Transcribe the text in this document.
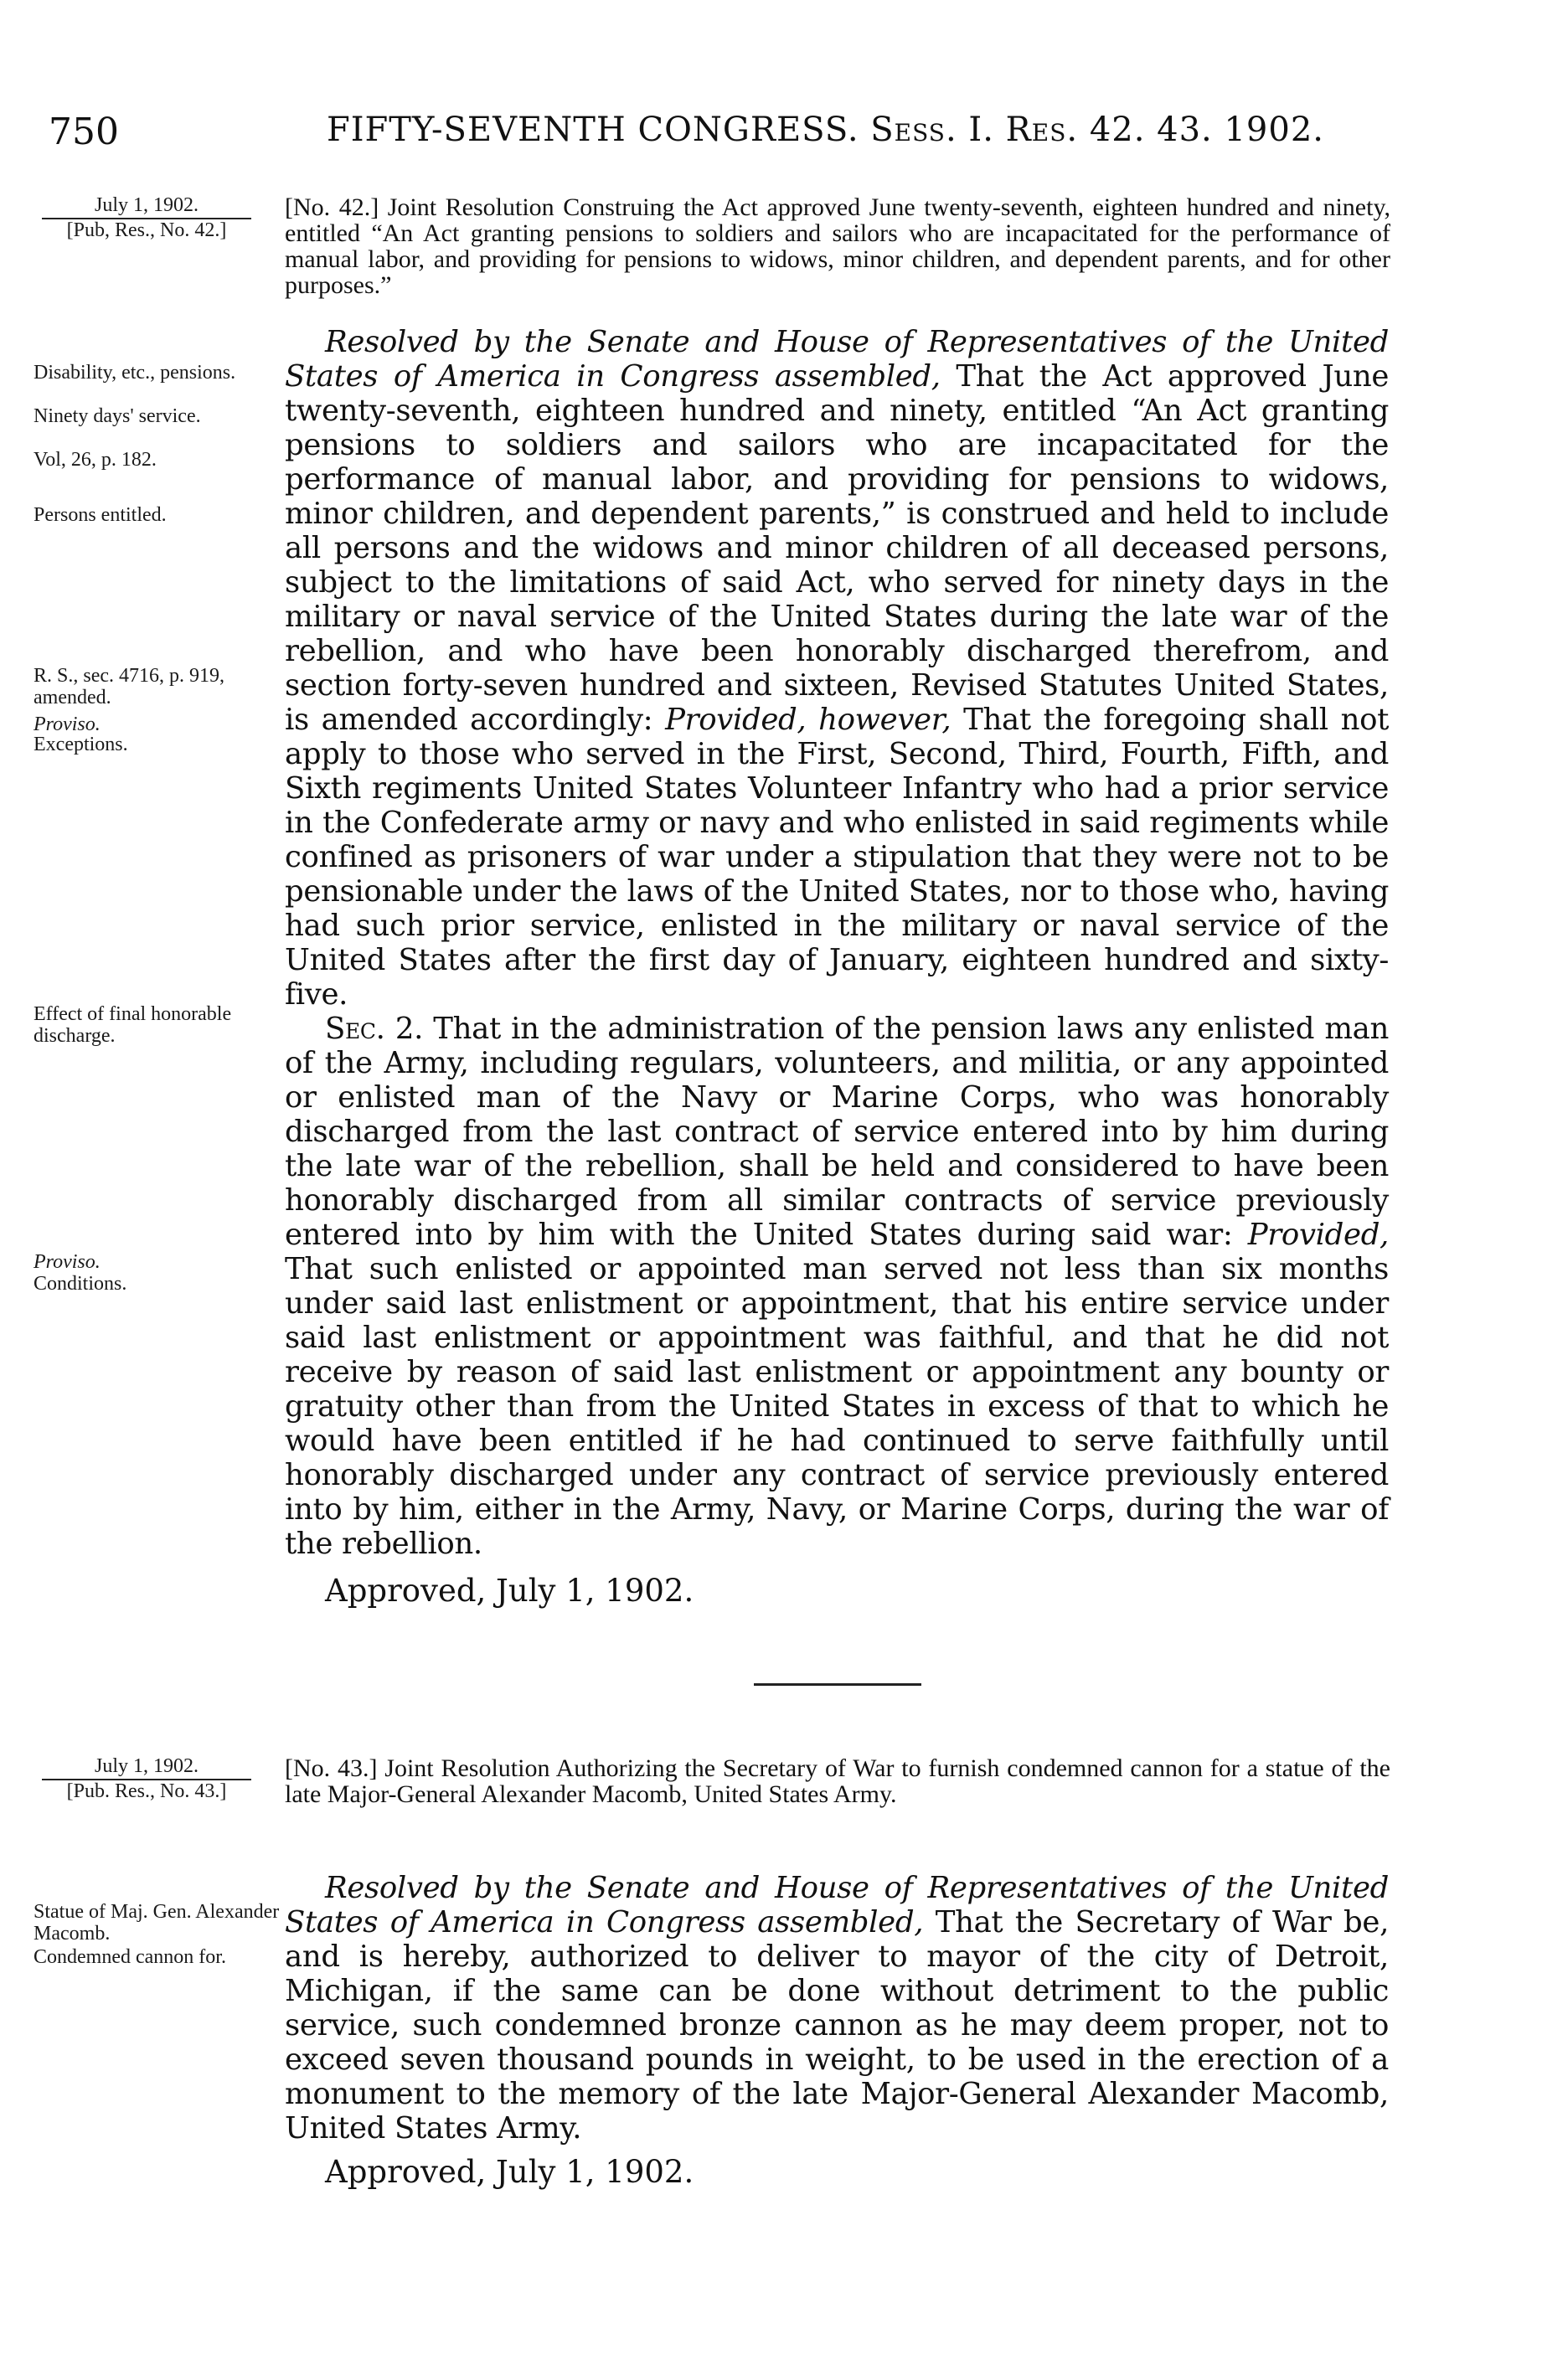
750	FIFTY-SEVENTH CONGRESS. Sess. I. Res. 42. 43. 1902.
July 1, 1902.
[Pub, Res., No. 42.]
[No. 42.] Joint Resolution Construing the Act approved June twenty-seventh, eighteen hundred and ninety, entitled “An Act granting pensions to soldiers and sailors who are incapacitated for the performance of manual labor, and providing for pensions to widows, minor children, and dependent parents, and for other purposes.”
Disability, etc., pensions.
Ninety days' service.
Vol, 26, p. 182.
Persons entitled.
R. S., sec. 4716, p. 919, amended.
Proviso.
Exceptions.
Effect of final honorable discharge.
Proviso.
Conditions.

Resolved by the Senate and House of Representatives of the United States of America in Congress assembled, That the Act approved June twenty-seventh, eighteen hundred and ninety, entitled “An Act granting pensions to soldiers and sailors who are incapacitated for the performance of manual labor, and providing for pensions to widows, minor children, and dependent parents,” is construed and held to include all persons and the widows and minor children of all deceased persons, subject to the limitations of said Act, who served for ninety days in the military or naval service of the United States during the late war of the rebellion, and who have been honorably discharged therefrom, and section forty-seven hundred and sixteen, Revised Statutes United States, is amended accordingly: Provided, however, That the foregoing shall not apply to those who served in the First, Second, Third, Fourth, Fifth, and Sixth regiments United States Volunteer Infantry who had a prior service in the Confederate army or navy and who enlisted in said regiments while confined as prisoners of war under a stipulation that they were not to be pensionable under the laws of the United States, nor to those who, having had such prior service, enlisted in the military or naval service of the United States after the first day of January, eighteen hundred and sixty-five.

Sec. 2. That in the administration of the pension laws any enlisted man of the Army, including regulars, volunteers, and militia, or any appointed or enlisted man of the Navy or Marine Corps, who was honorably discharged from the last contract of service entered into by him during the late war of the rebellion, shall be held and considered to have been honorably discharged from all similar contracts of service previously entered into by him with the United States during said war: Provided, That such enlisted or appointed man served not less than six months under said last enlistment or appointment, that his entire service under said last enlistment or appointment was faithful, and that he did not receive by reason of said last enlistment or appointment any bounty or gratuity other than from the United States in excess of that to which he would have been entitled if he had continued to serve faithfully until honorably discharged under any contract of service previously entered into by him, either in the Army, Navy, or Marine Corps, during the war of the rebellion.

Approved, July 1, 1902.
July 1, 1902.
[Pub. Res., No. 43.]
[No. 43.] Joint Resolution Authorizing the Secretary of War to furnish condemned cannon for a statue of the late Major-General Alexander Macomb, United States Army.
Statue of Maj. Gen. Alexander Macomb.
Condemned cannon for.

Resolved by the Senate and House of Representatives of the United States of America in Congress assembled, That the Secretary of War be, and is hereby, authorized to deliver to mayor of the city of Detroit, Michigan, if the same can be done without detriment to the public service, such condemned bronze cannon as he may deem proper, not to exceed seven thousand pounds in weight, to be used in the erection of a monument to the memory of the late Major-General Alexander Macomb, United States Army.

Approved, July 1, 1902.
